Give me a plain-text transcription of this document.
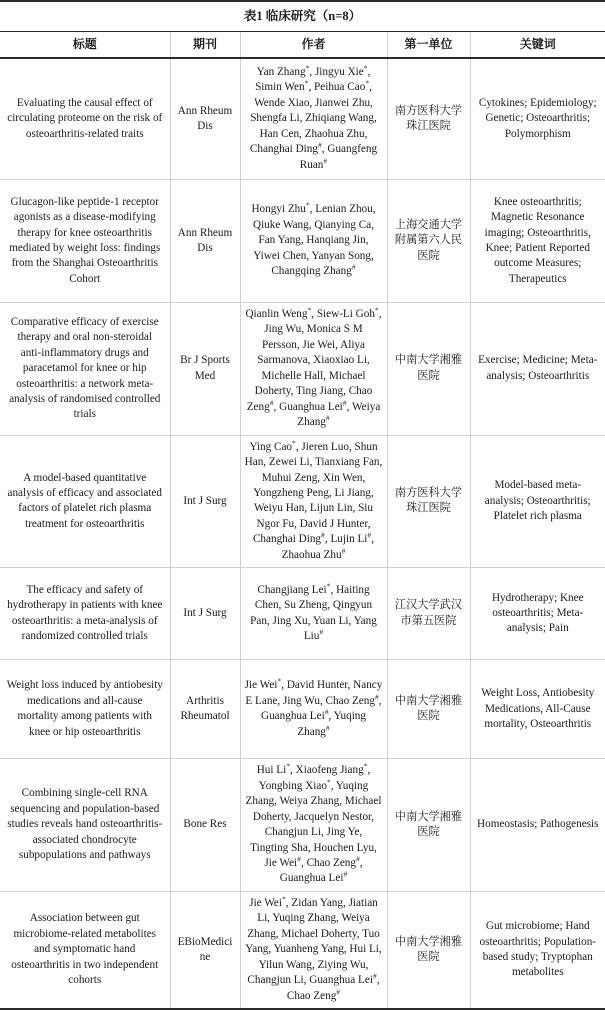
表1 临床研究（n=8）				
标题	期刊	作者	第一单位	关键词
Evaluating the causal effect of circulating proteome on the risk of osteoarthritis-related traits	Ann Rheum Dis	Yan Zhang*, Jingyu Xie*, Simin Wen*, Peihua Cao*, Wende Xiao, Jianwei Zhu, Shengfa Li, Zhiqiang Wang, Han Cen, Zhaohua Zhu, Changhai Ding#, Guangfeng Ruan#	南方医科大学珠江医院	Cytokines; Epidemiology; Genetic; Osteoarthritis; Polymorphism
Glucagon-like peptide-1 receptor agonists as a disease-modifying therapy for knee osteoarthritis mediated by weight loss: findings from the Shanghai Osteoarthritis Cohort	Ann Rheum Dis	Hongyi Zhu*, Lenian Zhou, Qiuke Wang, Qianying Ca, Fan Yang, Hanqiang Jin, Yiwei Chen, Yanyan Song, Changqing Zhang#	上海交通大学附属第六人民医院	Knee osteoarthritis; Magnetic Resonance imaging; Osteoarthritis, Knee; Patient Reported outcome Measures; Therapeutics
Comparative efficacy of exercise therapy and oral non-steroidal anti-inflammatory drugs and paracetamol for knee or hip osteoarthritis: a network meta-analysis of randomised controlled trials	Br J Sports Med	Qianlin Weng*, Siew-Li Goh*, Jing Wu, Monica S M Persson, Jie Wei, Aliya Sarmanova, Xiaoxiao Li, Michelle Hall, Michael Doherty, Ting Jiang, Chao Zeng#, Guanghua Lei#, Weiya Zhang#	中南大学湘雅医院	Exercise; Medicine; Meta-analysis; Osteoarthritis
A model-based quantitative analysis of efficacy and associated factors of platelet rich plasma treatment for osteoarthritis	Int J Surg	Ying Cao*, Jieren Luo, Shun Han, Zewei Li, Tianxiang Fan, Muhui Zeng, Xin Wen, Yongzheng Peng, Li Jiang, Weiyu Han, Lijun Lin, Siu Ngor Fu, David J Hunter, Changhai Ding#, Lujin Li#, Zhaohua Zhu#	南方医科大学珠江医院	Model-based meta-analysis; Osteoarthritis; Platelet rich plasma
The efficacy and safety of hydrotherapy in patients with knee osteoarthritis: a meta-analysis of randomized controlled trials	Int J Surg	Changjiang Lei*, Haiting Chen, Su Zheng, Qingyun Pan, Jing Xu, Yuan Li, Yang Liu#	江汉大学武汉市第五医院	Hydrotherapy; Knee osteoarthritis; Meta-analysis; Pain
Weight loss induced by antiobesity medications and all-cause mortality among patients with knee or hip osteoarthritis	Arthritis Rheumatol	Jie Wei*, David Hunter, Nancy E Lane, Jing Wu, Chao Zeng#, Guanghua Lei#, Yuqing Zhang#	中南大学湘雅医院	Weight Loss, Antiobesity Medications, All-Cause mortality, Osteoarthritis
Combining single-cell RNA sequencing and population-based studies reveals hand osteoarthritis-associated chondrocyte subpopulations and pathways	Bone Res	Hui Li*, Xiaofeng Jiang*, Yongbing Xiao*, Yuqing Zhang, Weiya Zhang, Michael Doherty, Jacquelyn Nestor, Changjun Li, Jing Ye, Tingting Sha, Houchen Lyu, Jie Wei#, Chao Zeng#, Guanghua Lei#	中南大学湘雅医院	Homeostasis; Pathogenesis
Association between gut microbiome-related metabolites and symptomatic hand osteoarthritis in two independent cohorts	EBioMedicine	Jie Wei*, Zidan Yang, Jiatian Li, Yuqing Zhang, Weiya Zhang, Michael Doherty, Tuo Yang, Yuanheng Yang, Hui Li, Yilun Wang, Ziying Wu, Changjun Li, Guanghua Lei#, Chao Zeng#	中南大学湘雅医院	Gut microbiome; Hand osteoarthritis; Population-based study; Tryptophan metabolites
